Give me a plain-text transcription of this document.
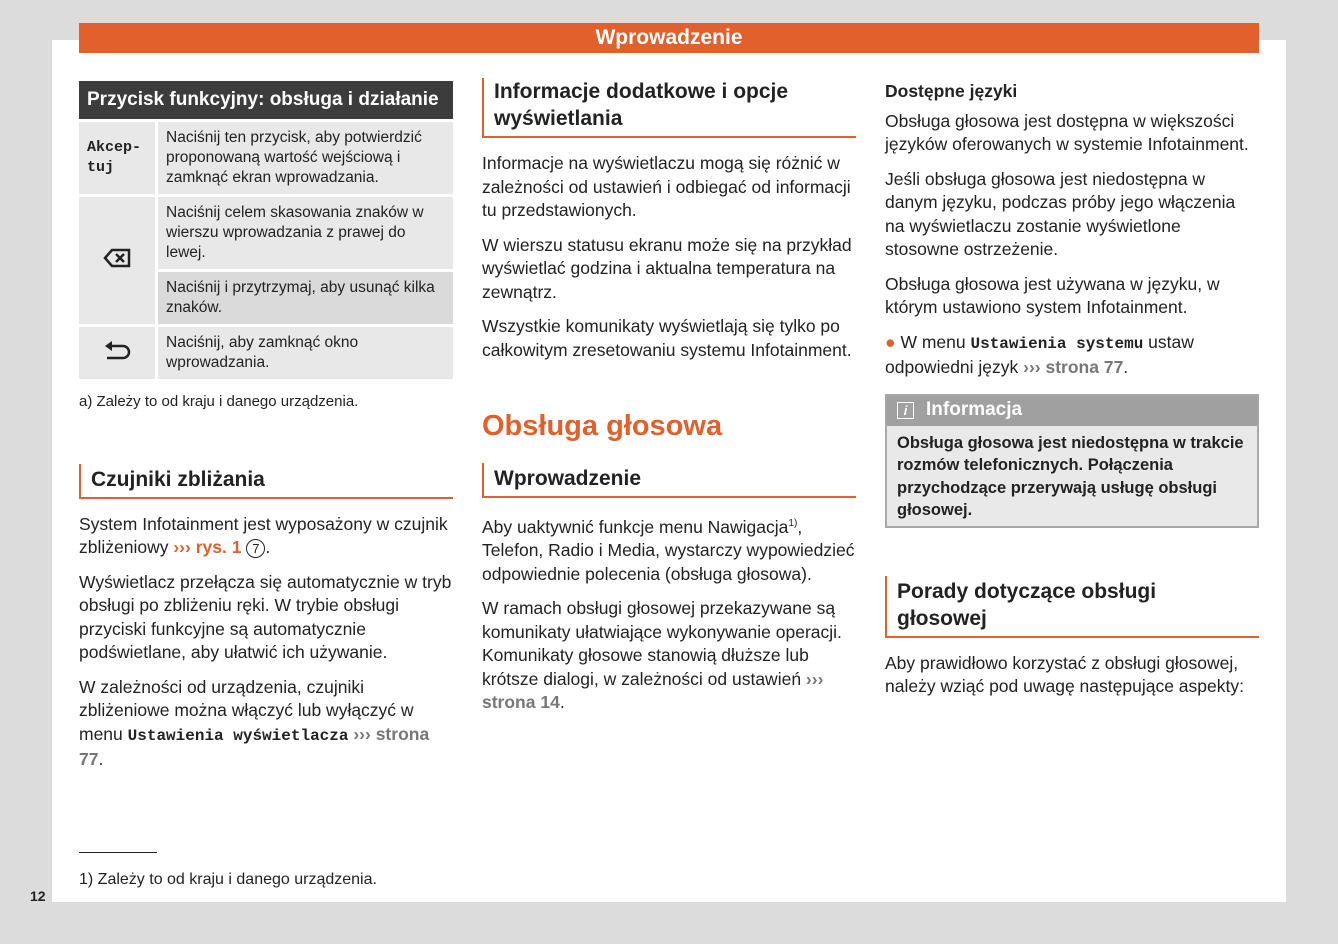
Wprowadzenie
Przycisk funkcyjny: obsługa i działanie	
Akcep-tuj	Naciśnij ten przycisk, aby potwierdzić proponowaną wartość wejściową i zamknąć ekran wprowadzania.
	Naciśnij celem skasowania znaków w wierszu wprowadzania z prawej do lewej.
	Naciśnij i przytrzymaj, aby usunąć kilka znaków.
	Naciśnij, aby zamknąć okno wprowadzania.

a) Zależy to od kraju i danego urządzenia.

Czujniki zbliżania

System Infotainment jest wyposażony w czujnik zbliżeniowy ››› rys. 1 7 .

Wyświetlacz przełącza się automatycznie w tryb obsługi po zbliżeniu ręki. W trybie obsługi przyciski funkcyjne są automatycznie podświetlane, aby ułatwić ich używanie.

W zależności od urządzenia, czujniki zbliżeniowe można włączyć lub wyłączyć w menu Ustawienia wyświetlacza ››› strona 77.

1) Zależy to od kraju i danego urządzenia.

12
Informacje dodatkowe i opcje wyświetlania

Informacje na wyświetlaczu mogą się różnić w zależności od ustawień i odbiegać od informacji tu przedstawionych.

W wierszu statusu ekranu może się na przykład wyświetlać godzina i aktualna temperatura na zewnątrz.

Wszystkie komunikaty wyświetlają się tylko po całkowitym zresetowaniu systemu Infotainment.

Obsługa głosowa
Wprowadzenie

Aby uaktywnić funkcje menu Nawigacja$^{1)}$, Telefon, Radio i Media, wystarczy wypowiedzieć odpowiednie polecenia (obsługa głosowa).

W ramach obsługi głosowej przekazywane są komunikaty ułatwiające wykonywanie operacji. Komunikaty głosowe stanowią dłuższe lub krótsze dialogi, w zależności od ustawień ››› strona 14.

Dostępne języki

Obsługa głosowa jest dostępna w większości języków oferowanych w systemie Infotainment.

Jeśli obsługa głosowa jest niedostępna w danym języku, podczas próby jego włączenia na wyświetlaczu zostanie wyświetlone stosowne ostrzeżenie.

Obsługa głosowa jest używana w języku, w którym ustawiono system Infotainment.

● W menu Ustawienia systemu ustaw odpowiedni język ››› strona 77.

i Informacja
Obsługa głosowa jest niedostępna w trakcie rozmów telefonicznych. Połączenia przychodzące przerywają usługę obsługi głosowej.
Porady dotyczące obsługi głosowej

Aby prawidłowo korzystać z obsługi głosowej, należy wziąć pod uwagę następujące aspekty:
